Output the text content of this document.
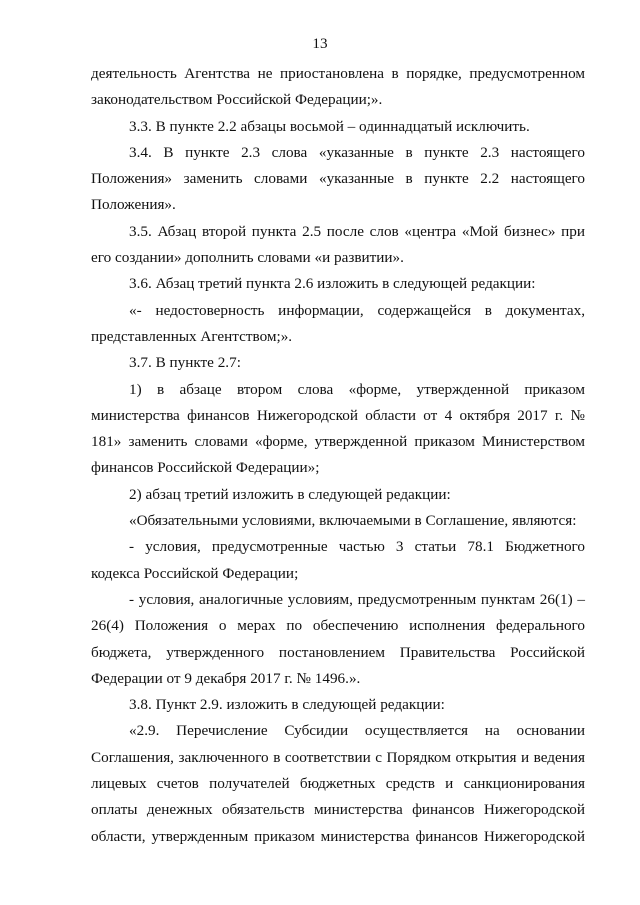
13

деятельность Агентства не приостановлена в порядке, предусмотренном законодательством Российской Федерации;».

3.3. В пункте 2.2 абзацы восьмой – одиннадцатый исключить.

3.4. В пункте 2.3 слова «указанные в пункте 2.3 настоящего Положения» заменить словами «указанные в пункте 2.2 настоящего Положения».

3.5. Абзац второй пункта 2.5 после слов «центра «Мой бизнес» при его создании» дополнить словами «и развитии».

3.6. Абзац третий пункта 2.6 изложить в следующей редакции:

«- недостоверность информации, содержащейся в документах, представленных Агентством;».

3.7. В пункте 2.7:

1) в абзаце втором слова «форме, утвержденной приказом министерства финансов Нижегородской области от 4 октября 2017 г. № 181» заменить словами «форме, утвержденной приказом Министерством финансов Российской Федерации»;

2) абзац третий изложить в следующей редакции:

«Обязательными условиями, включаемыми в Соглашение, являются:

- условия, предусмотренные частью 3 статьи 78.1 Бюджетного кодекса Российской Федерации;

- условия, аналогичные условиям, предусмотренным пунктам 26(1) – 26(4) Положения о мерах по обеспечению исполнения федерального бюджета, утвержденного постановлением Правительства Российской Федерации от 9 декабря 2017 г. № 1496.».

3.8. Пункт 2.9. изложить в следующей редакции:

«2.9. Перечисление Субсидии осуществляется на основании Соглашения, заключенного в соответствии с Порядком открытия и ведения лицевых счетов получателей бюджетных средств и санкционирования оплаты денежных обязательств министерства финансов Нижегородской области, утвержденным приказом министерства финансов Нижегородской
